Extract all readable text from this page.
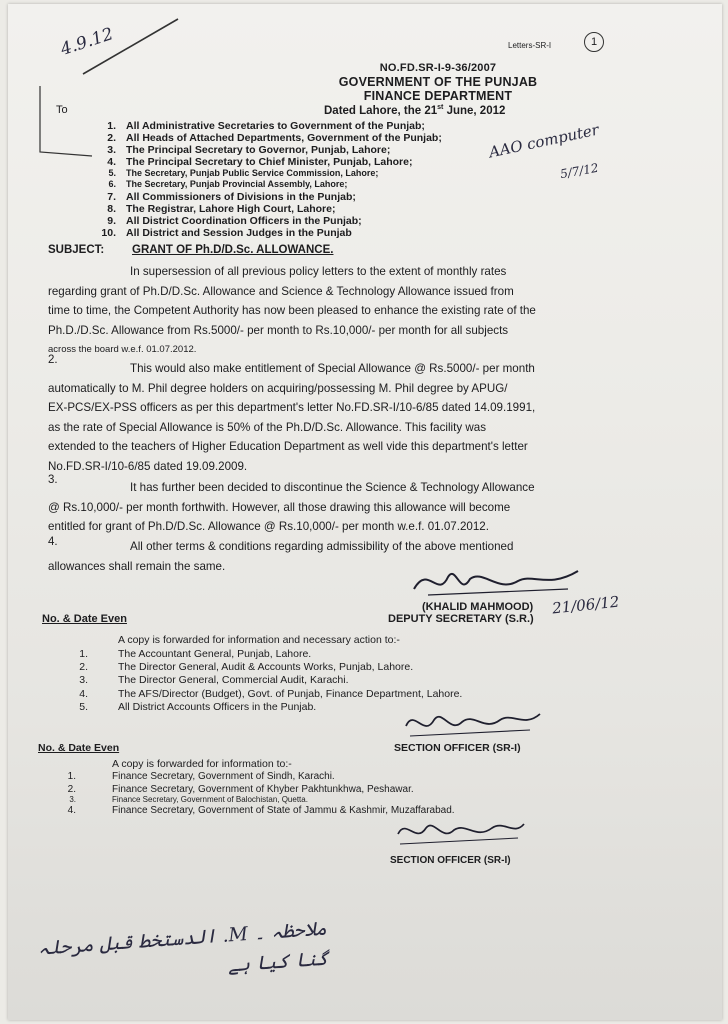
4.9.12	Letters-SR-I	1
NO.FD.SR-I-9-36/2007
GOVERNMENT OF THE PUNJAB
FINANCE DEPARTMENT
Dated Lahore, the 21st June, 2012
To
1. All Administrative Secretaries to Government of the Punjab;
2. All Heads of Attached Departments, Government of the Punjab;
3. The Principal Secretary to Governor, Punjab, Lahore;
4. The Principal Secretary to Chief Minister, Punjab, Lahore;
5. The Secretary, Punjab Public Service Commission, Lahore;
6. The Secretary, Punjab Provincial Assembly, Lahore;
7. All Commissioners of Divisions in the Punjab;
8. The Registrar, Lahore High Court, Lahore;
9. All District Coordination Officers in the Punjab;
10. All District and Session Judges in the Punjab
AAO computer
5/7/12
SUBJECT: GRANT OF Ph.D/D.Sc. ALLOWANCE.
In supersession of all previous policy letters to the extent of monthly rates
regarding grant of Ph.D/D.Sc. Allowance and Science & Technology Allowance issued from
time to time, the Competent Authority has now been pleased to enhance the existing rate of the
Ph.D./D.Sc. Allowance from Rs.5000/- per month to Rs.10,000/- per month for all subjects
across the board w.e.f. 01.07.2012.
2.
This would also make entitlement of Special Allowance @ Rs.5000/- per month
automatically to M. Phil degree holders on acquiring/possessing M. Phil degree by APUG/
EX-PCS/EX-PSS officers as per this department's letter No.FD.SR-I/10-6/85 dated 14.09.1991,
as the rate of Special Allowance is 50% of the Ph.D/D.Sc. Allowance. This facility was
extended to the teachers of Higher Education Department as well vide this department's letter
No.FD.SR-I/10-6/85 dated 19.09.2009.
3.
It has further been decided to discontinue the Science & Technology Allowance
@ Rs.10,000/- per month forthwith. However, all those drawing this allowance will become
entitled for grant of Ph.D/D.Sc. Allowance @ Rs.10,000/- per month w.e.f. 01.07.2012.
4.	All other terms & conditions regarding admissibility of the above mentioned
allowances shall remain the same.
21/06/12
(KHALID MAHMOOD)
DEPUTY SECRETARY (S.R.)
No. & Date Even
A copy is forwarded for information and necessary action to:-
1.	The Accountant General, Punjab, Lahore.
2.	The Director General, Audit & Accounts Works, Punjab, Lahore.
3.	The Director General, Commercial Audit, Karachi.
4.	The AFS/Director (Budget), Govt. of Punjab, Finance Department, Lahore.
5.	All District Accounts Officers in the Punjab.
SECTION OFFICER (SR-I)
No. & Date Even
A copy is forwarded for information to:-
1.	Finance Secretary, Government of Sindh, Karachi.
2.	Finance Secretary, Government of Khyber Pakhtunkhwa, Peshawar.
3.	Finance Secretary, Government of Balochistan, Quetta.
4.	Finance Secretary, Government of State of Jammu & Kashmir, Muzaffarabad.
SECTION OFFICER (SR-I)
ملاحظہ ۔ M. الدستخط قبل مرحلہ گنا کیا ہے
